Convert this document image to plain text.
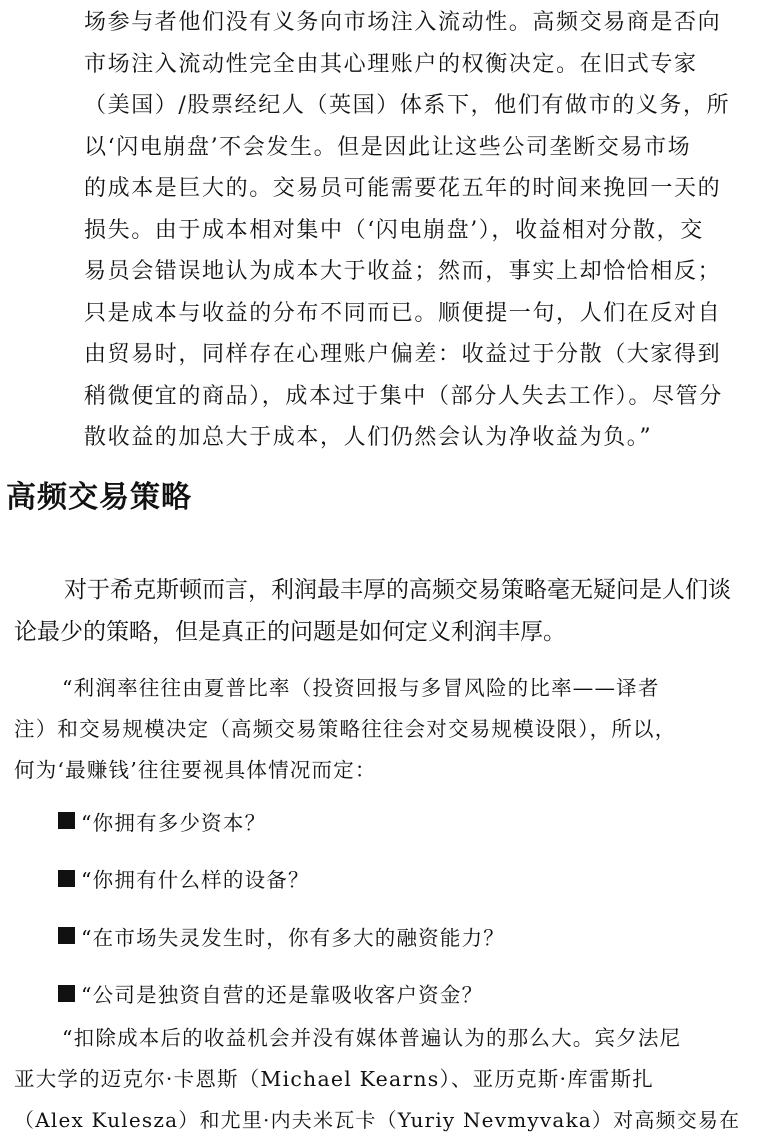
场参与者他们没有义务向市场注入流动性。高频交易商是否向
市场注入流动性完全由其心理账户的权衡决定。在旧式专家
（美国）/股票经纪人（英国）体系下，他们有做市的义务，所
以‘闪电崩盘’不会发生。但是因此让这些公司垄断交易市场
的成本是巨大的。交易员可能需要花五年的时间来挽回一天的
损失。由于成本相对集中（‘闪电崩盘’），收益相对分散，交
易员会错误地认为成本大于收益；然而，事实上却恰恰相反；
只是成本与收益的分布不同而已。顺便提一句，人们在反对自
由贸易时，同样存在心理账户偏差：收益过于分散（大家得到
稍微便宜的商品），成本过于集中（部分人失去工作）。尽管分
散收益的加总大于成本，人们仍然会认为净收益为负。”
高频交易策略
对于希克斯顿而言，利润最丰厚的高频交易策略毫无疑问是人们谈
论最少的策略，但是真正的问题是如何定义利润丰厚。
“利润率往往由夏普比率（投资回报与多冒风险的比率——译者
注）和交易规模决定（高频交易策略往往会对交易规模设限），所以，
何为‘最赚钱’往往要视具体情况而定：
“你拥有多少资本？
“你拥有什么样的设备？
“在市场失灵发生时，你有多大的融资能力？
“公司是独资自营的还是靠吸收客户资金？
“扣除成本后的收益机会并没有媒体普遍认为的那么大。宾夕法尼
亚大学的迈克尔·卡恩斯（Michael Kearns）、亚历克斯·库雷斯扎
（Alex Kulesza）和尤里·内夫米瓦卡（Yuriy Nevmyvaka）对高频交易在
